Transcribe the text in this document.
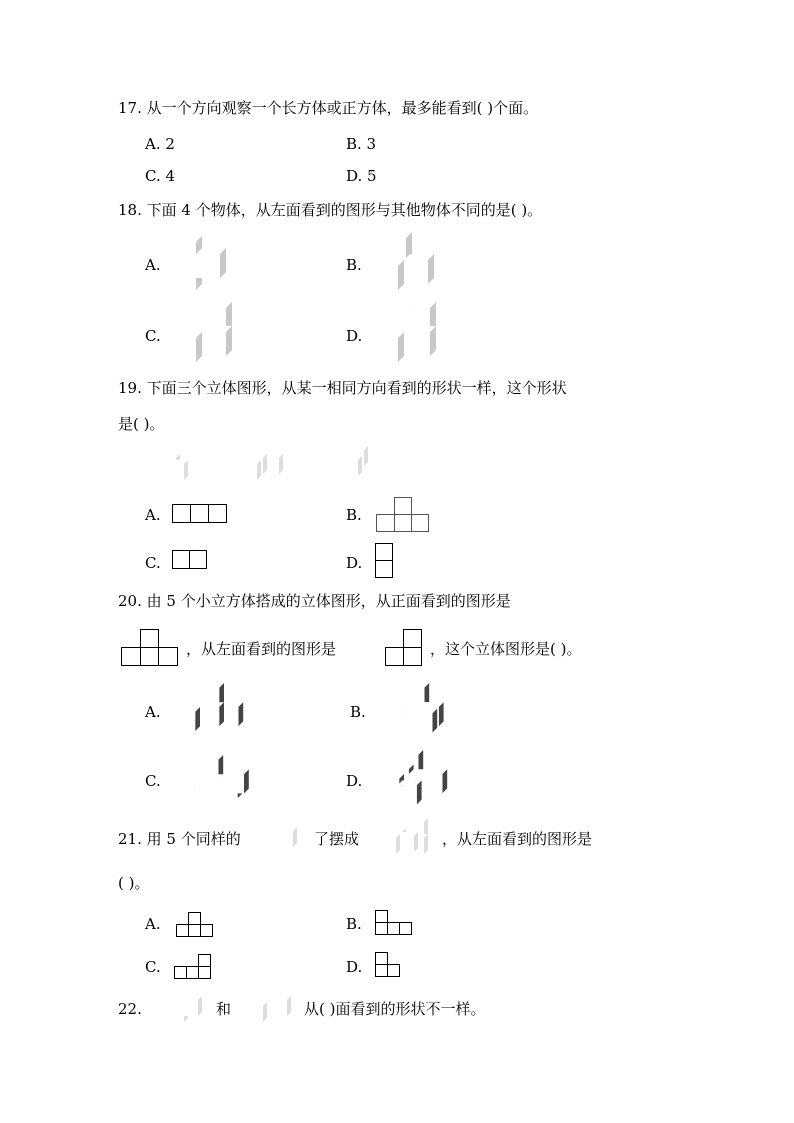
17. 从一个方向观察一个长方体或正方体，最多能看到( )个面。
A. 2	B. 3
C. 4	D. 5
18. 下面 4 个物体，从左面看到的图形与其他物体不同的是( )。
A.	B.
C.	D.
19. 下面三个立体图形，从某一相同方向看到的形状一样，这个形状
是( )。
A.	B.
C.	D.
20. 由 5 个小立方体搭成的立体图形，从正面看到的图形是
，从左面看到的图形是	，这个立体图形是( )。
A.	B.
C.	D.
21. 用 5 个同样的	了摆成	，从左面看到的图形是
( )。
A.	B.
C.	D.
22.	和	从( )面看到的形状不一样。
